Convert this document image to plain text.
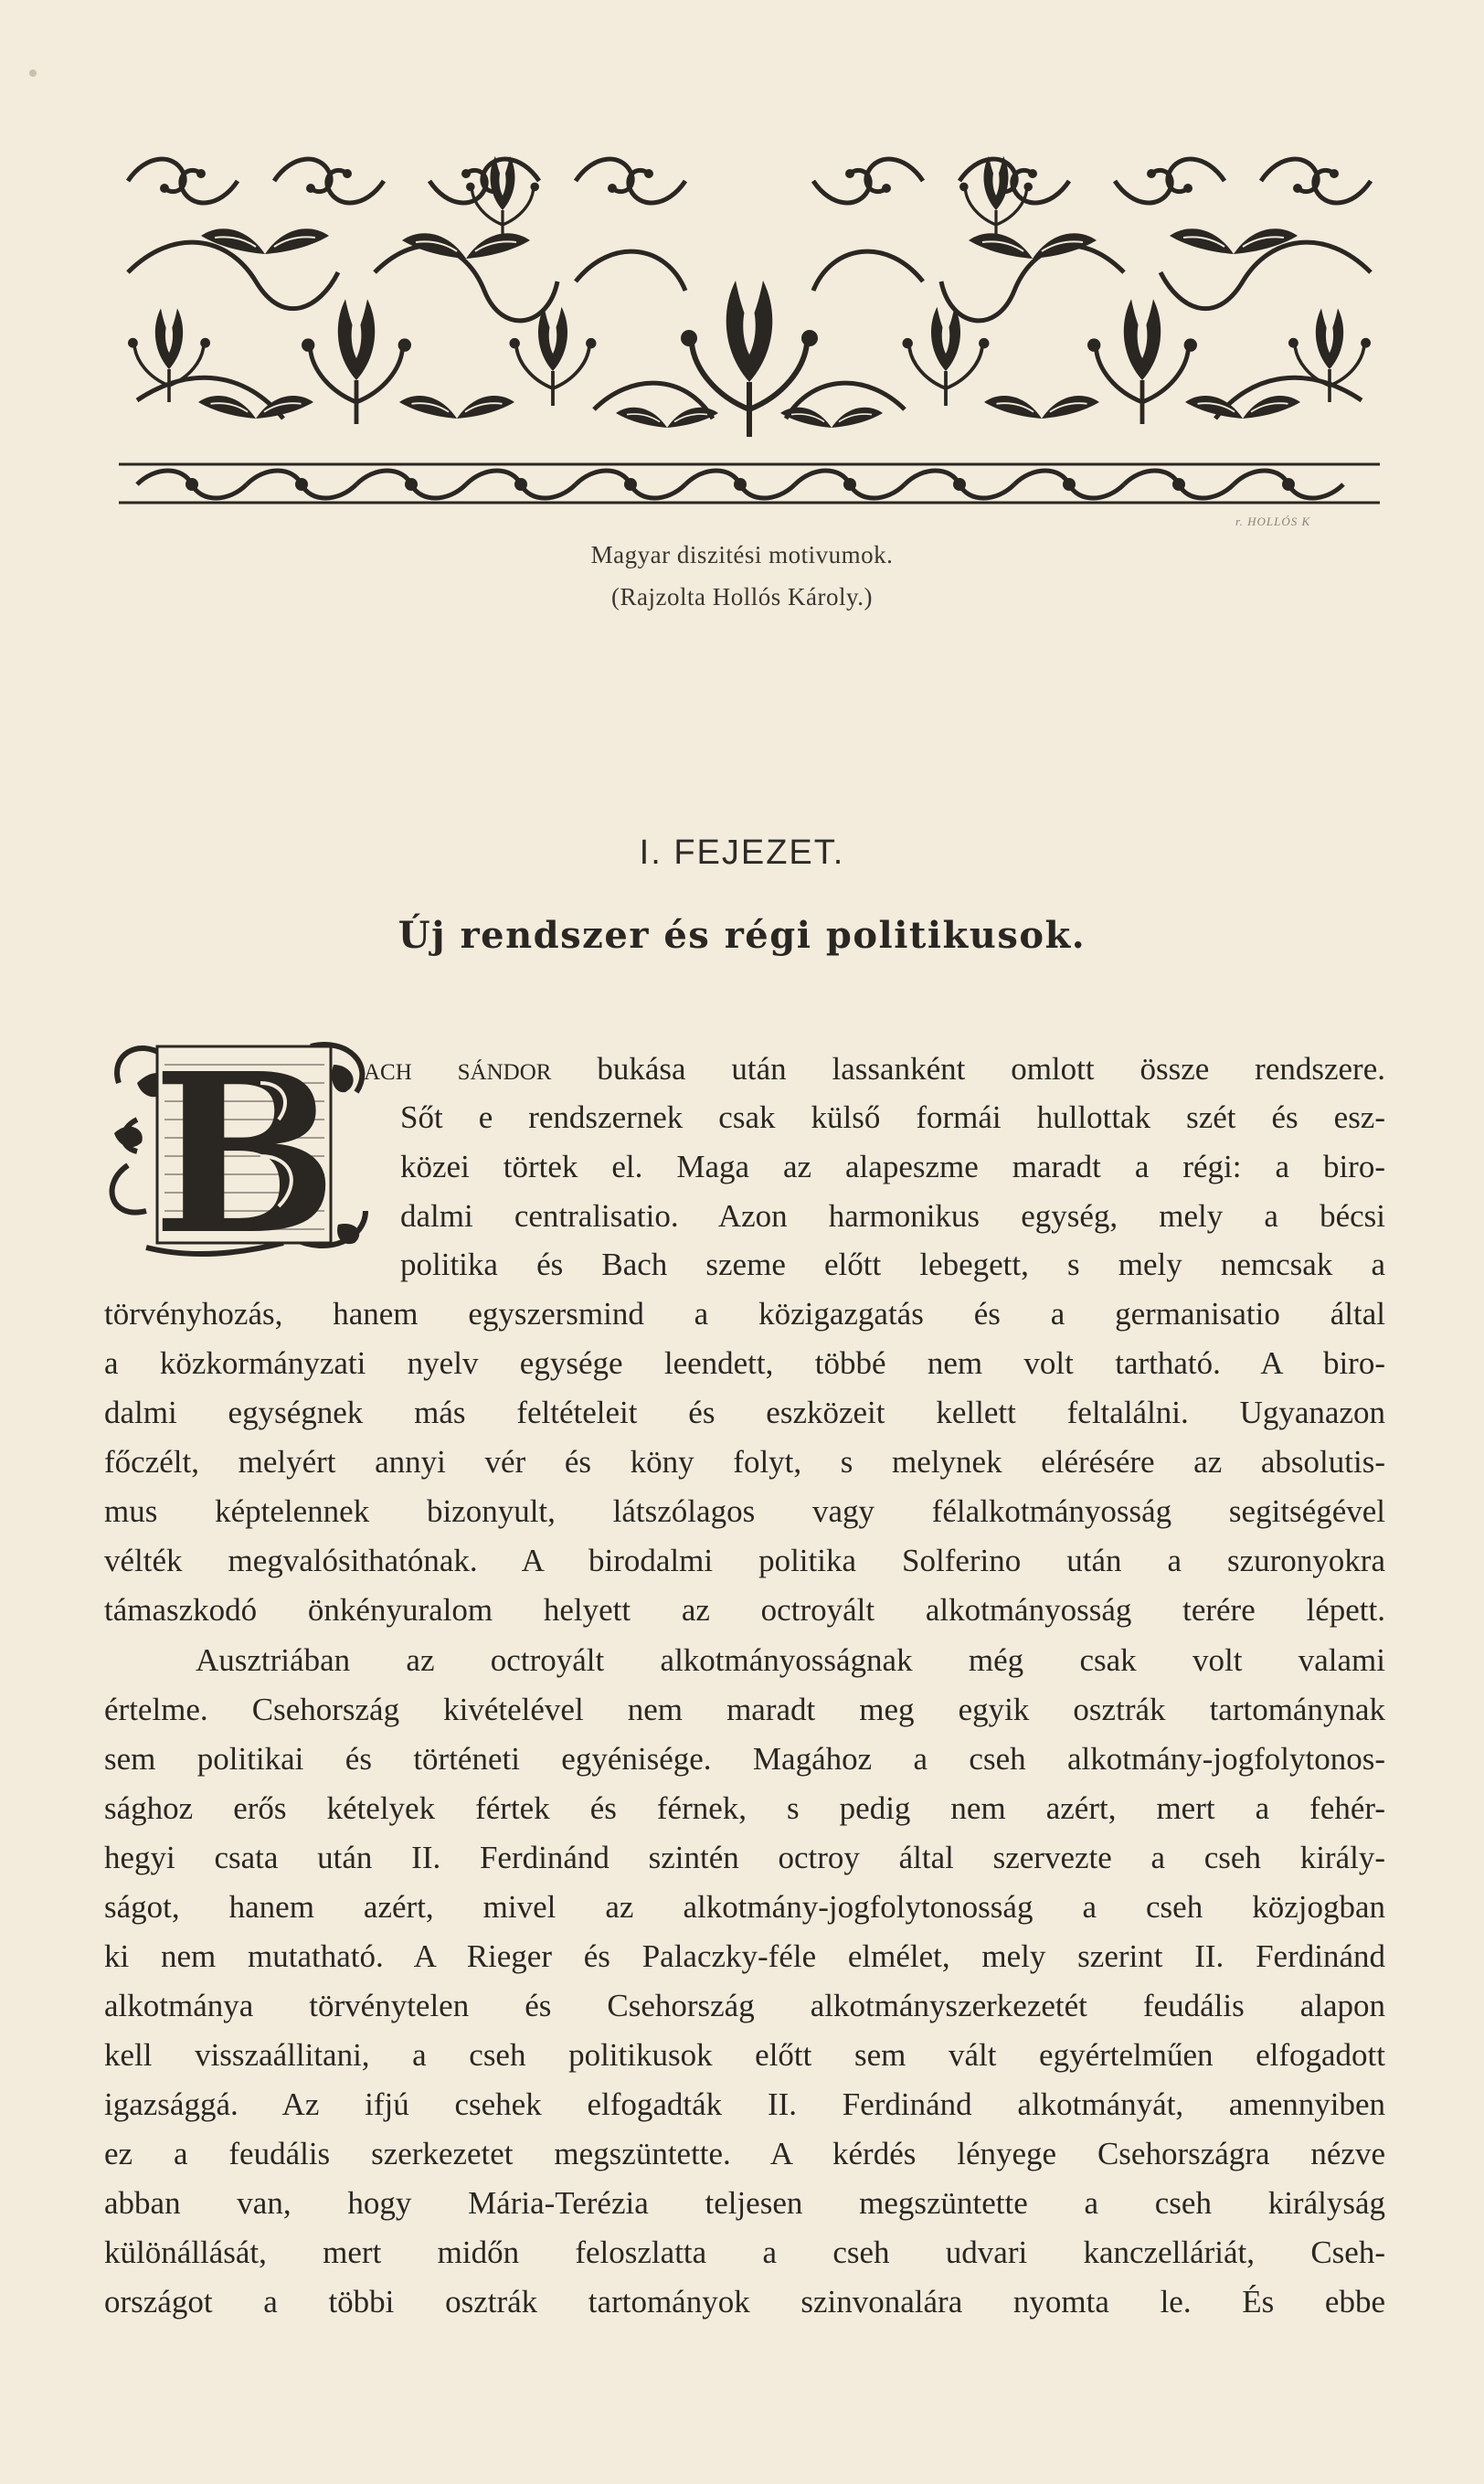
r. HOLLÓS K
Magyar diszitési motivumok.
(Rajzolta Hollós Károly.)
I. FEJEZET.
Új rendszer és régi politikusok.
B ach sándor bukása után lassanként omlott össze rendszere.
Sőt e rendszernek csak külső formái hullottak szét és esz-
közei törtek el. Maga az alapeszme maradt a régi: a biro-
dalmi centralisatio. Azon harmonikus egység, mely a bécsi
politika és Bach szeme előtt lebegett, s mely nemcsak a
törvényhozás, hanem egyszersmind a közigazgatás és a germanisatio által
a közkormányzati nyelv egysége leendett, többé nem volt tartható. A biro-
dalmi egységnek más feltételeit és eszközeit kellett feltalálni. Ugyanazon
főczélt, melyért annyi vér és köny folyt, s melynek elérésére az absolutis-
mus képtelennek bizonyult, látszólagos vagy félalkotmányosság segitségével
vélték megvalósithatónak. A birodalmi politika Solferino után a szuronyokra
támaszkodó önkényuralom helyett az octroyált alkotmányosság terére lépett.
Ausztriában az octroyált alkotmányosságnak még csak volt valami
értelme. Csehország kivételével nem maradt meg egyik osztrák tartománynak
sem politikai és történeti egyénisége. Magához a cseh alkotmány-jogfolytonos-
sághoz erős kételyek fértek és férnek, s pedig nem azért, mert a fehér-
hegyi csata után II. Ferdinánd szintén octroy által szervezte a cseh király-
ságot, hanem azért, mivel az alkotmány-jogfolytonosság a cseh közjogban
ki nem mutatható. A Rieger és Palaczky-féle elmélet, mely szerint II. Ferdinánd
alkotmánya törvénytelen és Csehország alkotmányszerkezetét feudális alapon
kell visszaállitani, a cseh politikusok előtt sem vált egyértelműen elfogadott
igazsággá. Az ifjú csehek elfogadták II. Ferdinánd alkotmányát, amennyiben
ez a feudális szerkezetet megszüntette. A kérdés lényege Csehországra nézve
abban van, hogy Mária-Terézia teljesen megszüntette a cseh királyság
különállását, mert midőn feloszlatta a cseh udvari kanczelláriát, Cseh-
országot a többi osztrák tartományok szinvonalára nyomta le. És ebbe
